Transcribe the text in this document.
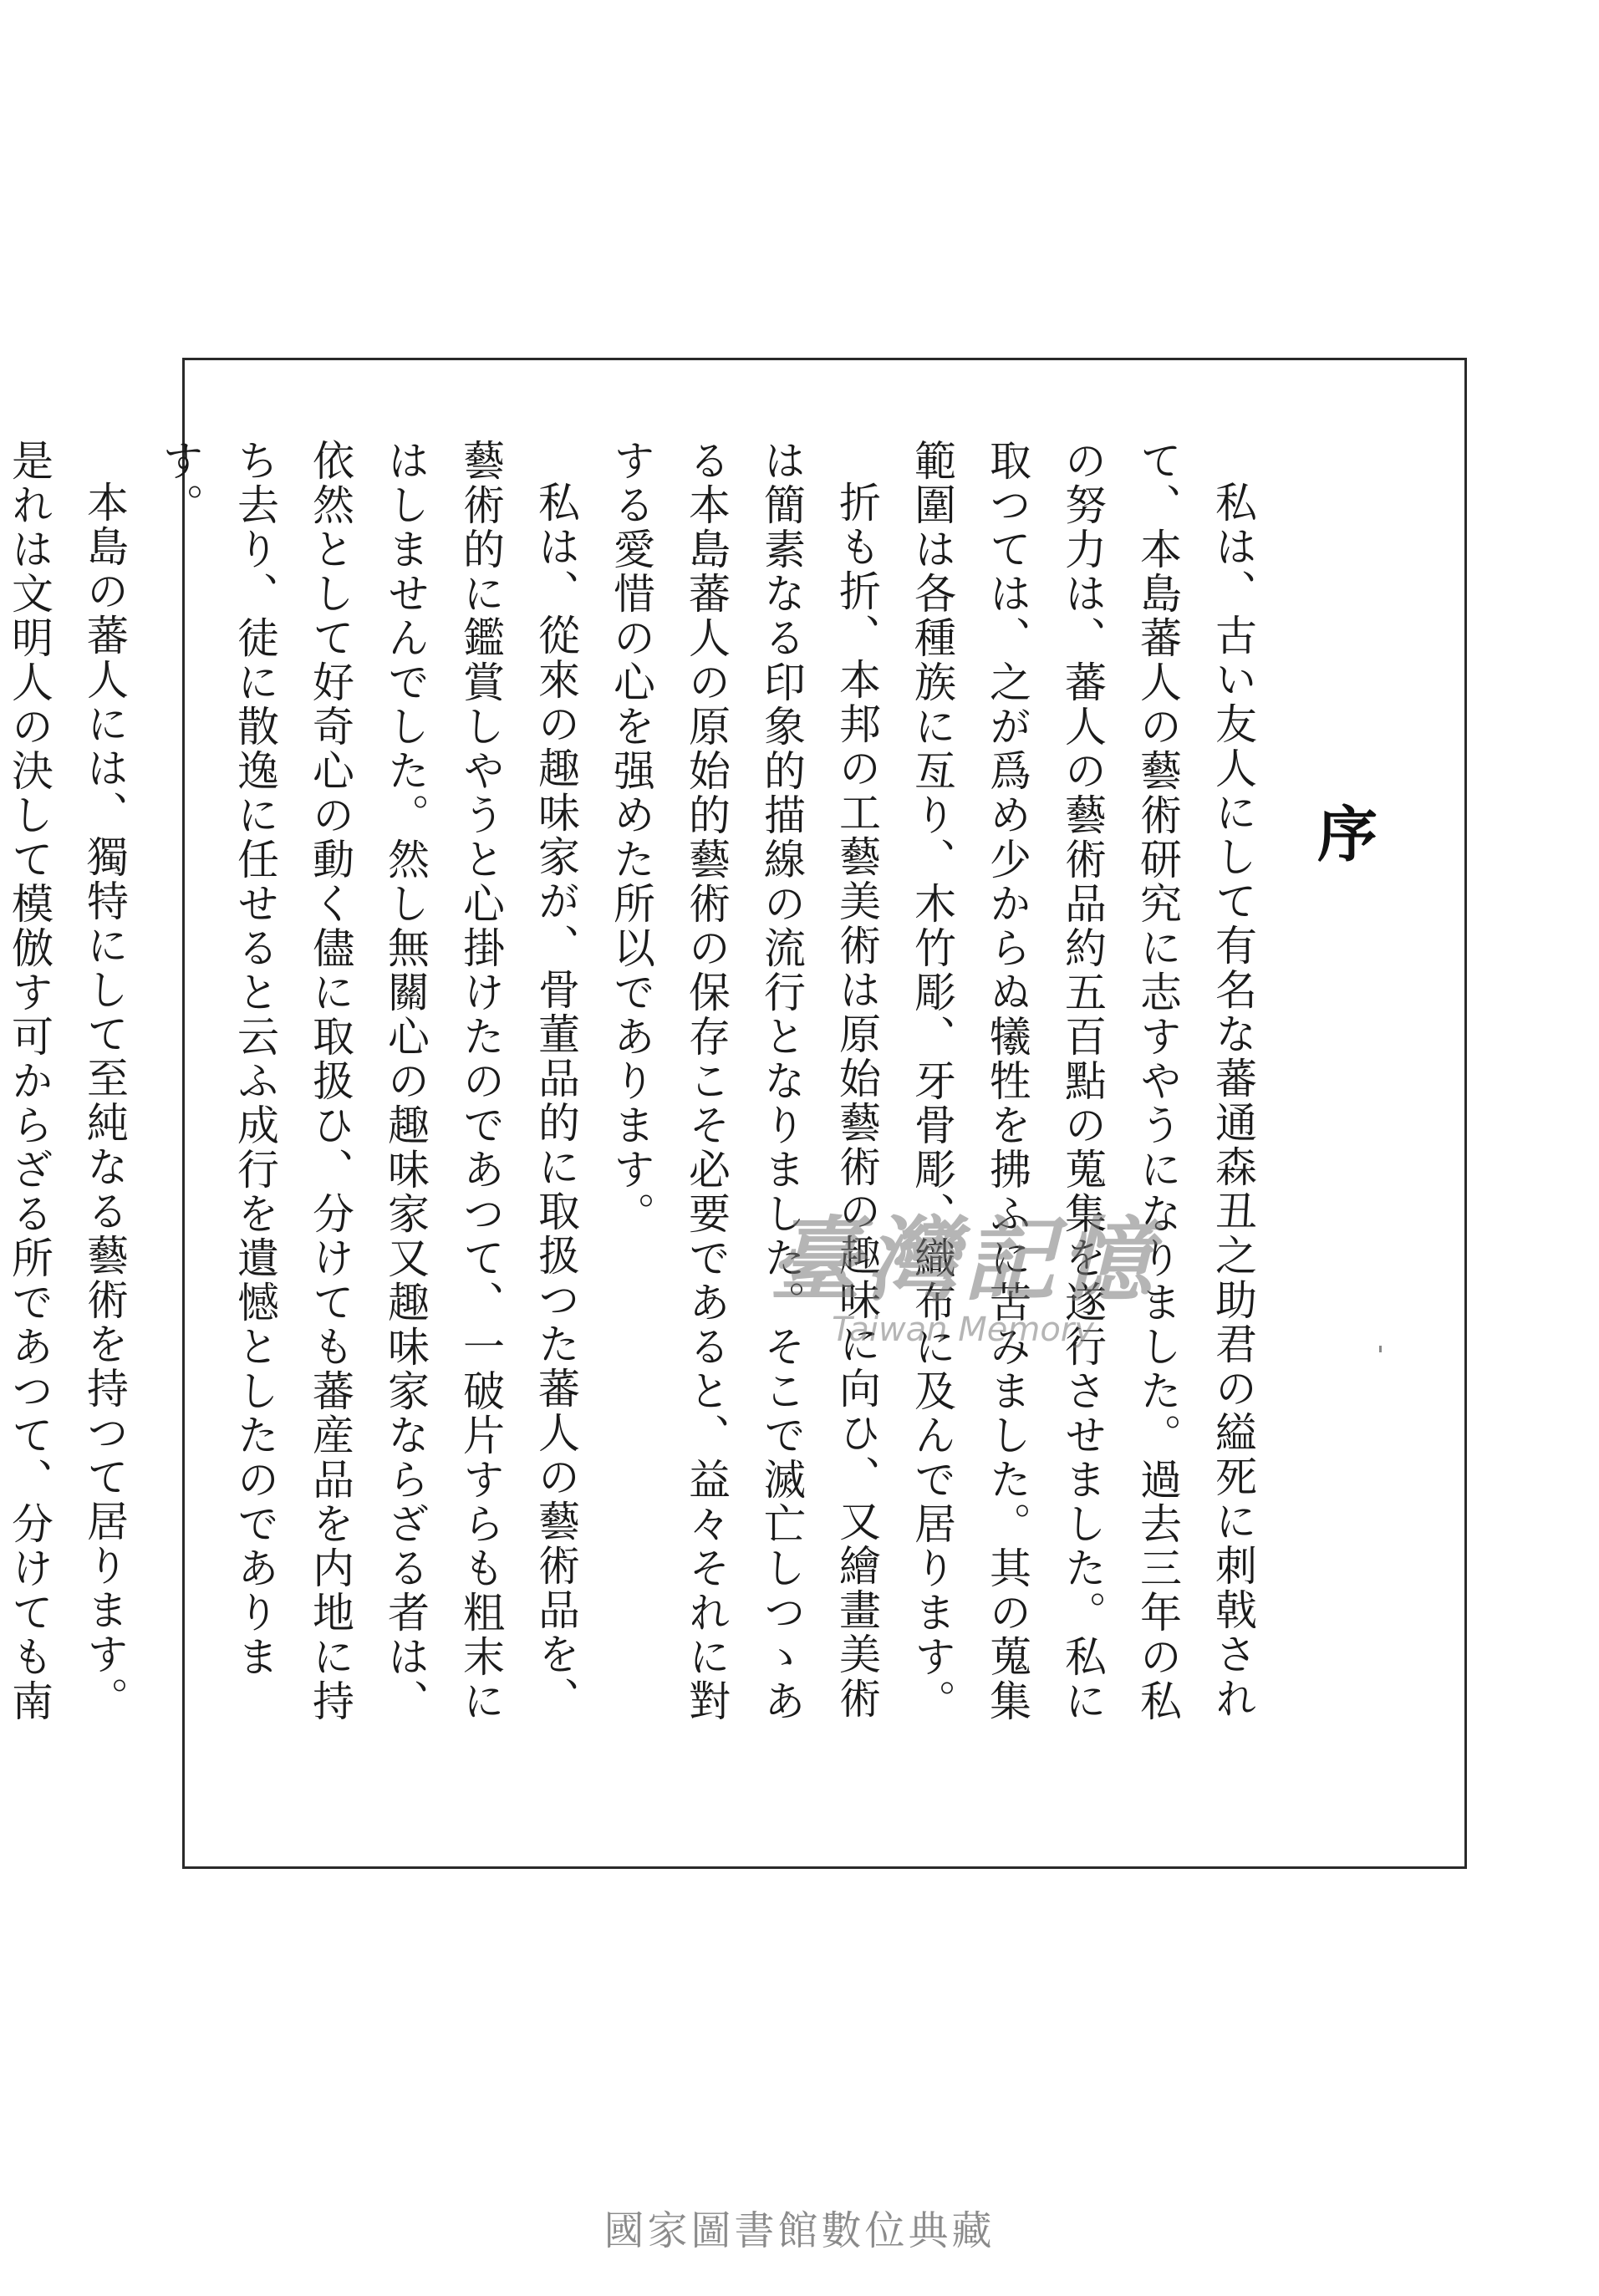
序

私は、古い友人にして有名な蕃通森丑之助君の縊死に刺戟されて、本島蕃人の藝術研究に志すやうになりました。過去三年の私の努力は、蕃人の藝術品約五百點の蒐集を遂行させました。私に取つては、之が爲め少からぬ犧牲を拂ふに苦みました。其の蒐集範圍は各種族に亙り、木竹彫、牙骨彫、織布に及んで居ります。

折も折、本邦の工藝美術は原始藝術の趣味に向ひ、又繪畫美術は簡素なる印象的描線の流行となりました。そこで滅亡しつゝある本島蕃人の原始的藝術の保存こそ必要であると、益々それに對する愛惜の心を强めた所以であります。

私は、從來の趣味家が、骨董品的に取扱つた蕃人の藝術品を、藝術的に鑑賞しやうと心掛けたのであつて、一破片すらも粗末にはしませんでした。然し無關心の趣味家又趣味家ならざる者は、依然として好奇心の動く儘に取扱ひ、分けても蕃産品を内地に持ち去り、徒に散逸に任せると云ふ成行を遺憾としたのであります。

本島の蕃人には、獨特にして至純なる藝術を持つて居ります。是れは文明人の決して模倣す可からざる所であつて、分けても南

臺灣記憶
Taiwan Memory
國家圖書館數位典藏
